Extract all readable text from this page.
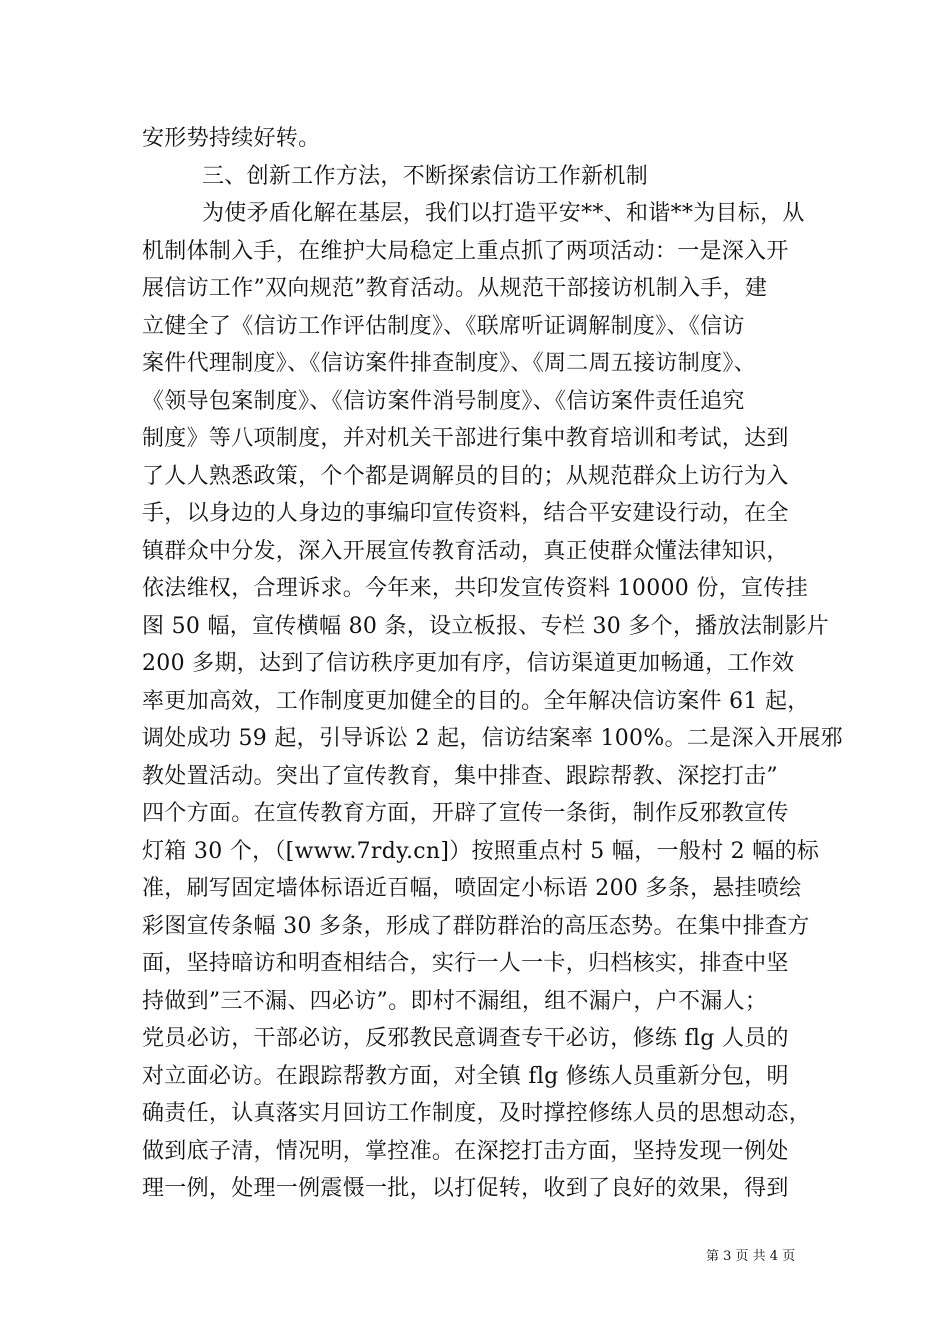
安形势持续好转。
三、创新工作方法，不断探索信访工作新机制
为使矛盾化解在基层，我们以打造平安**、和谐**为目标，从
机制体制入手，在维护大局稳定上重点抓了两项活动：一是深入开
展信访工作”双向规范”教育活动。从规范干部接访机制入手，建
立健全了《信访工作评估制度》、《联席听证调解制度》、《信访
案件代理制度》、《信访案件排查制度》、《周二周五接访制度》、
《领导包案制度》、《信访案件消号制度》、《信访案件责任追究
制度》等八项制度，并对机关干部进行集中教育培训和考试，达到
了人人熟悉政策，个个都是调解员的目的；从规范群众上访行为入
手，以身边的人身边的事编印宣传资料，结合平安建设行动，在全
镇群众中分发，深入开展宣传教育活动，真正使群众懂法律知识，
依法维权，合理诉求。今年来，共印发宣传资料 10000 份，宣传挂
图 50 幅，宣传横幅 80 条，设立板报、专栏 30 多个，播放法制影片
200 多期，达到了信访秩序更加有序，信访渠道更加畅通，工作效
率更加高效，工作制度更加健全的目的。全年解决信访案件 61 起，
调处成功 59 起，引导诉讼 2 起，信访结案率 100%。二是深入开展邪
教处置活动。突出了宣传教育，集中排查、跟踪帮教、深挖打击”
四个方面。在宣传教育方面，开辟了宣传一条街，制作反邪教宣传
灯箱 30 个，（[www.7rdy.cn]）按照重点村 5 幅，一般村 2 幅的标
准，刷写固定墙体标语近百幅，喷固定小标语 200 多条，悬挂喷绘
彩图宣传条幅 30 多条，形成了群防群治的高压态势。在集中排查方
面，坚持暗访和明查相结合，实行一人一卡，归档核实，排查中坚
持做到”三不漏、四必访”。即村不漏组，组不漏户，户不漏人；
党员必访，干部必访，反邪教民意调查专干必访，修练 flg 人员的
对立面必访。在跟踪帮教方面，对全镇 flg 修练人员重新分包，明
确责任，认真落实月回访工作制度，及时撑控修练人员的思想动态，
做到底子清，情况明，掌控准。在深挖打击方面，坚持发现一例处
理一例，处理一例震慑一批，以打促转，收到了良好的效果，得到
第 3 页 共 4 页
